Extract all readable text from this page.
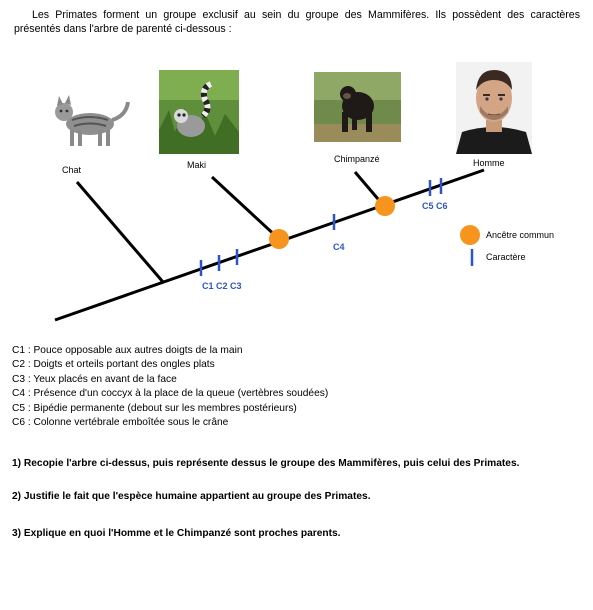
Les Primates forment un groupe exclusif au sein du groupe des Mammifères. Ils possèdent des caractères présentés dans l'arbre de parenté ci-dessous :
C1 C2 C3
C4
C5 C6
Chat	Maki
Chimpanzé	Homme
Ancêtre commun
Caractère
C1 : Pouce opposable aux autres doigts de la main
C2 : Doigts et orteils portant des ongles plats
C3 : Yeux placés en avant de la face
C4 : Présence d'un coccyx à la place de la queue (vertèbres soudées)
C5 : Bipédie permanente (debout sur les membres postérieurs)
C6 : Colonne vertébrale emboîtée sous le crâne
1) Recopie l'arbre ci-dessus, puis représente dessus le groupe des Mammifères, puis celui des Primates.
2) Justifie le fait que l'espèce humaine appartient au groupe des Primates.
3) Explique en quoi l'Homme et le Chimpanzé sont proches parents.
